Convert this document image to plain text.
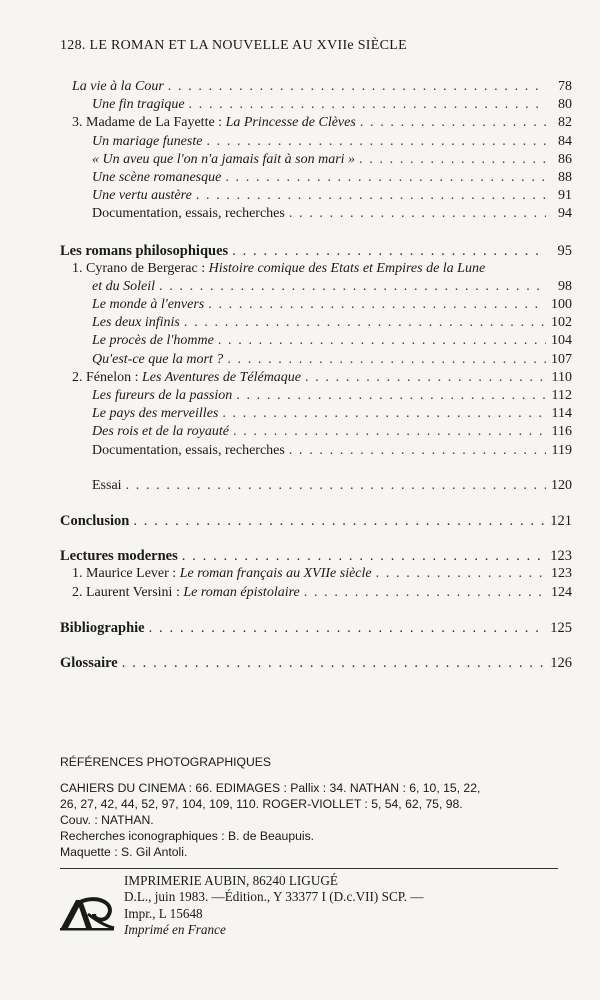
128. LE ROMAN ET LA NOUVELLE AU XVIIe SIÈCLE
La vie à la Cour . . .	78
Une fin tragique . . .	80
3. Madame de La Fayette : La Princesse de Clèves . . .	82
Un mariage funeste . . .	84
« Un aveu que l'on n'a jamais fait à son mari » . . .	86
Une scène romanesque . . .	88
Une vertu austère . . .	91
Documentation, essais, recherches . . .	94
Les romans philosophiques . . .	95
1. Cyrano de Bergerac : Histoire comique des Etats et Empires de la Lune
et du Soleil . . .	98
Le monde à l'envers . . .	100
Les deux infinis . . .	102
Le procès de l'homme . . .	104
Qu'est-ce que la mort ? . . .	107
2. Fénelon : Les Aventures de Télémaque . . .	110
Les fureurs de la passion . . .	112
Le pays des merveilles . . .	114
Des rois et de la royauté . . .	116
Documentation, essais, recherches . . .	119
Essai . . .	120
Conclusion . . .	121
Lectures modernes . . .	123
1. Maurice Lever : Le roman français au XVIIe siècle . . .	123
2. Laurent Versini : Le roman épistolaire . . .	124
Bibliographie . . .	125
Glossaire . . .	126
RÉFÉRENCES PHOTOGRAPHIQUES
CAHIERS DU CINEMA : 66. EDIMAGES : Pallix : 34. NATHAN : 6, 10, 15, 22,
26, 27, 42, 44, 52, 97, 104, 109, 110. ROGER-VIOLLET : 5, 54, 62, 75, 98.
Couv. : NATHAN.
Recherches iconographiques : B. de Beaupuis.
Maquette : S. Gil Antoli.
IMPRIMERIE AUBIN, 86240 LIGUGÉ
D.L., juin 1983. —Édition., Y 33377 I (D.c.VII) SCP. —
Impr., L 15648
Imprimé en France
